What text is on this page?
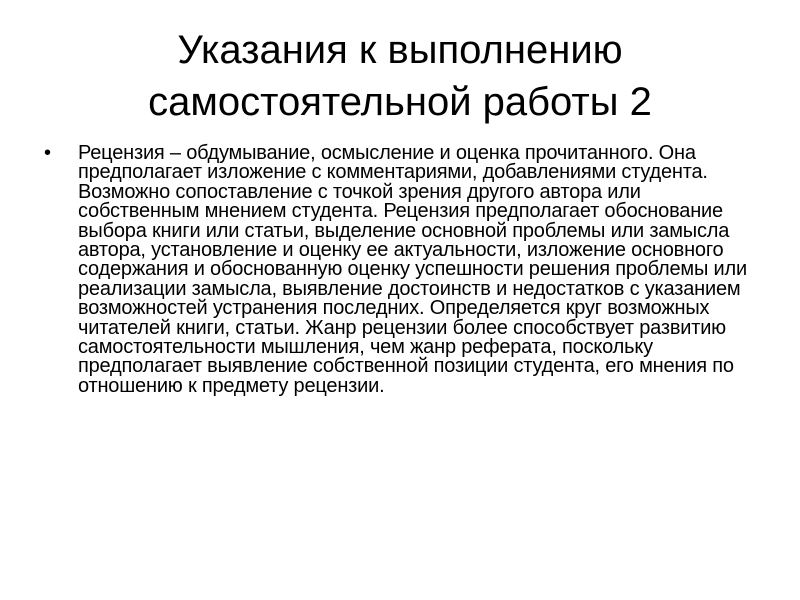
Указания к выполнению
самостоятельной работы 2
•	Рецензия – обдумывание, осмысление и оценка прочитанного. Она предполагает изложение с комментариями, добавлениями студента. Возможно сопоставление с точкой зрения другого автора или собственным мнением студента. Рецензия предполагает обоснование выбора книги или статьи, выделение основной проблемы или замысла автора, установление и оценку ее актуальности, изложение основного содержания и обоснованную оценку успешности решения проблемы или реализации замысла, выявление достоинств и недостатков с указанием возможностей устранения последних. Определяется круг возможных читателей книги, статьи. Жанр рецензии более способствует развитию самостоятельности мышления, чем жанр реферата, поскольку предполагает выявление собственной позиции студента, его мнения по отношению к предмету рецензии.
